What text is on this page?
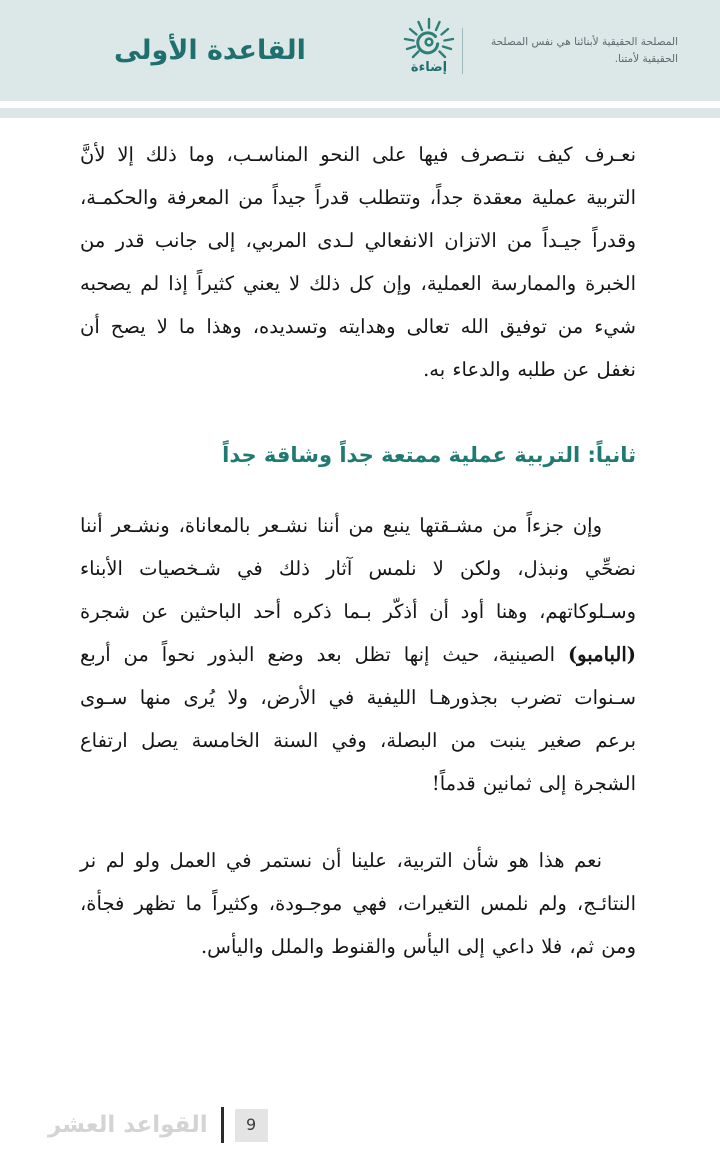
القاعدة الأولى
إضاءة
المصلحة الحقيقية لأبنائنا هي نفس المصلحة الحقيقية لأمتنا.

نعـرف كيف نتـصرف فيها على النحو المناسـب، وما ذلك إلا لأنَّ التربية عملية معقدة جداً، وتتطلب قدراً جيداً من المعرفة والحكمـة، وقدراً جيـداً من الاتزان الانفعالي لـدى المربي، إلى جانب قدر من الخبرة والممارسة العملية، وإن كل ذلك لا يعني كثيراً إذا لم يصحبه شيء من توفيق الله تعالى وهدايته وتسديده، وهذا ما لا يصح أن نغفل عن طلبه والدعاء به.

ثانياً: التربية عملية ممتعة جداً وشاقة جداً

وإن جزءاً من مشـقتها ينبع من أننا نشـعر بالمعاناة، ونشـعر أننا نضحِّي ونبذل، ولكن لا نلمس آثار ذلك في شـخصيات الأبناء وسـلوكاتهم، وهنا أود أن أذكّر بـما ذكره أحد الباحثين عن شجرة (البامبو) الصينية، حيث إنها تظل بعد وضع البذور نحواً من أربع سـنوات تضرب بجذورهـا الليفية في الأرض، ولا يُرى منها سـوى برعم صغير ينبت من البصلة، وفي السنة الخامسة يصل ارتفاع الشجرة إلى ثمانين قدماً!

نعم هذا هو شأن التربية، علينا أن نستمر في العمل ولو لم نر النتائـج، ولم نلمس التغيرات، فهي موجـودة، وكثيراً ما تظهر فجأة، ومن ثم، فلا داعي إلى اليأس والقنوط والملل واليأس.

9
القواعد العشر
